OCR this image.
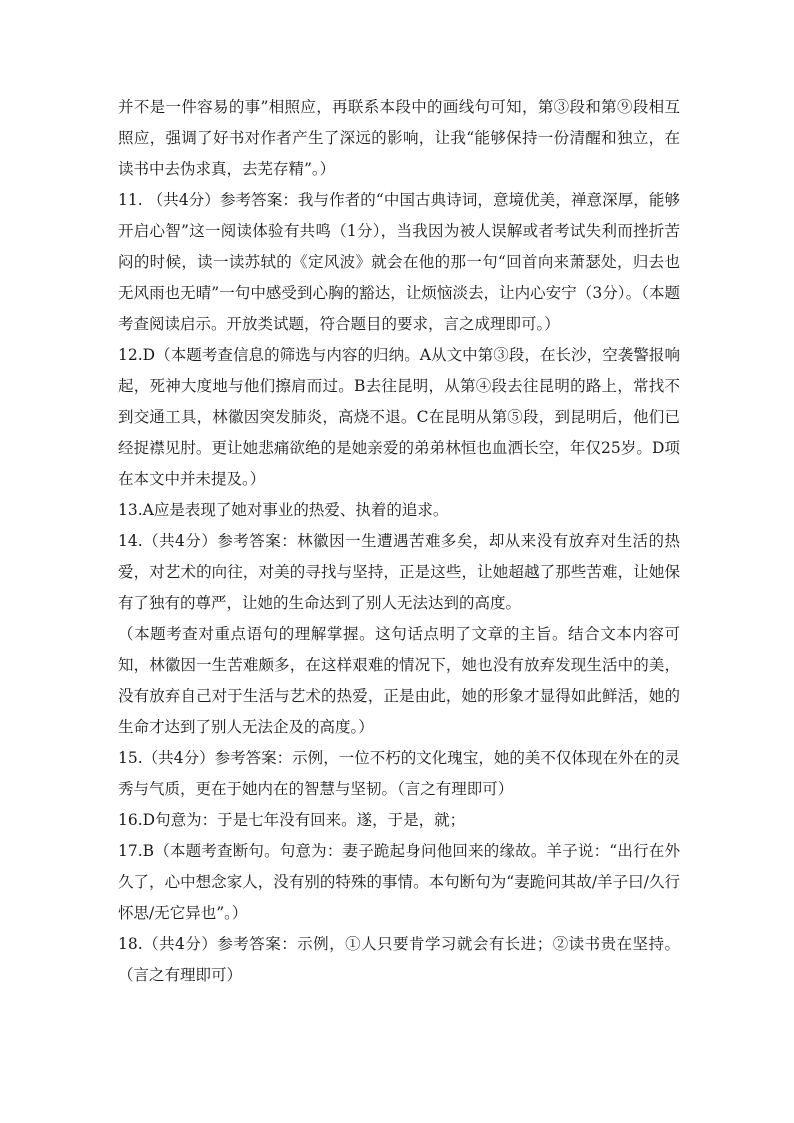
并不是一件容易的事”相照应，再联系本段中的画线句可知，第③段和第⑨段相互照应，强调了好书对作者产生了深远的影响，让我“能够保持一份清醒和独立，在读书中去伪求真，去芜存精”。）

11. （共4分）参考答案：我与作者的“中国古典诗词，意境优美，禅意深厚，能够开启心智”这一阅读体验有共鸣（1分），当我因为被人误解或者考试失利而挫折苦闷的时候，读一读苏轼的《定风波》就会在他的那一句“回首向来萧瑟处，归去也无风雨也无晴”一句中感受到心胸的豁达，让烦恼淡去，让内心安宁（3分）。（本题考查阅读启示。开放类试题，符合题目的要求，言之成理即可。）

12.D（本题考查信息的筛选与内容的归纳。A从文中第③段，在长沙，空袭警报响起，死神大度地与他们擦肩而过。B去往昆明，从第④段去往昆明的路上，常找不到交通工具，林徽因突发肺炎，高烧不退。C在昆明从第⑤段，到昆明后，他们已经捉襟见肘。更让她悲痛欲绝的是她亲爱的弟弟林恒也血洒长空，年仅25岁。D项在本文中并未提及。）

13.A应是表现了她对事业的热爱、执着的追求。

14.（共4分）参考答案：林徽因一生遭遇苦难多矣，却从来没有放弃对生活的热爱，对艺术的向往，对美的寻找与坚持，正是这些，让她超越了那些苦难，让她保有了独有的尊严，让她的生命达到了别人无法达到的高度。

（本题考查对重点语句的理解掌握。这句话点明了文章的主旨。结合文本内容可知，林徽因一生苦难颇多，在这样艰难的情况下，她也没有放弃发现生活中的美，没有放弃自己对于生活与艺术的热爱，正是由此，她的形象才显得如此鲜活，她的生命才达到了别人无法企及的高度。）

15.（共4分）参考答案：示例，一位不朽的文化瑰宝，她的美不仅体现在外在的灵秀与气质，更在于她内在的智慧与坚韧。（言之有理即可）

16.D句意为：于是七年没有回来。遂，于是，就；

17.B（本题考查断句。句意为：妻子跪起身问他回来的缘故。羊子说：“出行在外久了，心中想念家人，没有别的特殊的事情。本句断句为“妻跪问其故/羊子曰/久行怀思/无它异也”。）

18.（共4分）参考答案：示例，①人只要肯学习就会有长进；②读书贵在坚持。（言之有理即可）
